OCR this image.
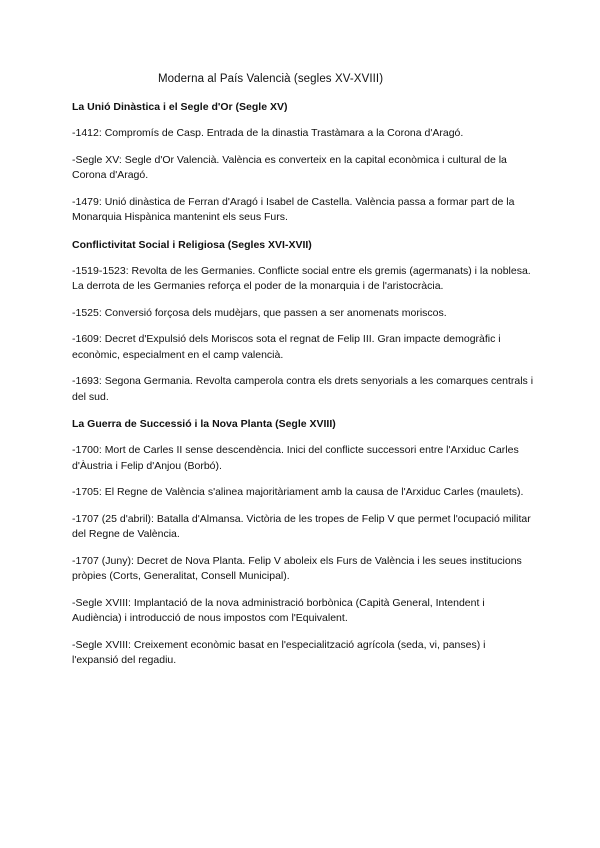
Moderna al País Valencià (segles XV-XVIII)
La Unió Dinàstica i el Segle d'Or (Segle XV)

-1412: Compromís de Casp. Entrada de la dinastia Trastàmara a la Corona d'Aragó.

-Segle XV: Segle d'Or Valencià. València es converteix en la capital econòmica i cultural de la Corona d'Aragó.

-1479: Unió dinàstica de Ferran d'Aragó i Isabel de Castella. València passa a formar part de la Monarquia Hispànica mantenint els seus Furs.

Conflictivitat Social i Religiosa (Segles XVI-XVII)

-1519-1523: Revolta de les Germanies. Conflicte social entre els gremis (agermanats) i la noblesa. La derrota de les Germanies reforça el poder de la monarquia i de l'aristocràcia.

-1525: Conversió forçosa dels mudèjars, que passen a ser anomenats moriscos.

-1609: Decret d'Expulsió dels Moriscos sota el regnat de Felip III. Gran impacte demogràfic i econòmic, especialment en el camp valencià.

-1693: Segona Germania. Revolta camperola contra els drets senyorials a les comarques centrals i del sud.

La Guerra de Successió i la Nova Planta (Segle XVIII)

-1700: Mort de Carles II sense descendència. Inici del conflicte successori entre l'Arxiduc Carles d'Àustria i Felip d'Anjou (Borbó).

-1705: El Regne de València s'alinea majoritàriament amb la causa de l'Arxiduc Carles (maulets).

-1707 (25 d'abril): Batalla d'Almansa. Victòria de les tropes de Felip V que permet l'ocupació militar del Regne de València.

-1707 (Juny): Decret de Nova Planta. Felip V aboleix els Furs de València i les seues institucions pròpies (Corts, Generalitat, Consell Municipal).

-Segle XVIII: Implantació de la nova administració borbònica (Capità General, Intendent i Audiència) i introducció de nous impostos com l'Equivalent.

-Segle XVIII: Creixement econòmic basat en l'especialització agrícola (seda, vi, panses) i l'expansió del regadiu.
